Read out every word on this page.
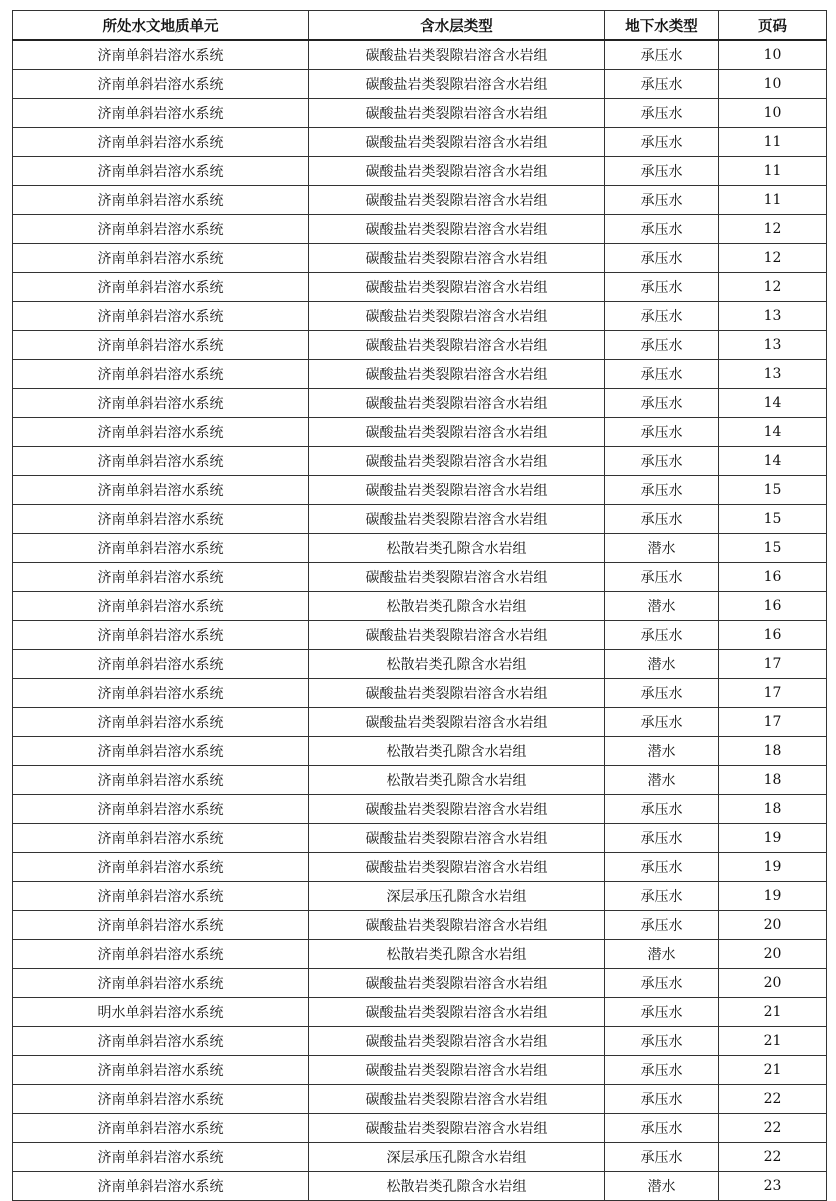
所处水文地质单元	含水层类型	地下水类型	页码
济南单斜岩溶水系统	碳酸盐岩类裂隙岩溶含水岩组	承压水	10
济南单斜岩溶水系统	碳酸盐岩类裂隙岩溶含水岩组	承压水	10
济南单斜岩溶水系统	碳酸盐岩类裂隙岩溶含水岩组	承压水	10
济南单斜岩溶水系统	碳酸盐岩类裂隙岩溶含水岩组	承压水	11
济南单斜岩溶水系统	碳酸盐岩类裂隙岩溶含水岩组	承压水	11
济南单斜岩溶水系统	碳酸盐岩类裂隙岩溶含水岩组	承压水	11
济南单斜岩溶水系统	碳酸盐岩类裂隙岩溶含水岩组	承压水	12
济南单斜岩溶水系统	碳酸盐岩类裂隙岩溶含水岩组	承压水	12
济南单斜岩溶水系统	碳酸盐岩类裂隙岩溶含水岩组	承压水	12
济南单斜岩溶水系统	碳酸盐岩类裂隙岩溶含水岩组	承压水	13
济南单斜岩溶水系统	碳酸盐岩类裂隙岩溶含水岩组	承压水	13
济南单斜岩溶水系统	碳酸盐岩类裂隙岩溶含水岩组	承压水	13
济南单斜岩溶水系统	碳酸盐岩类裂隙岩溶含水岩组	承压水	14
济南单斜岩溶水系统	碳酸盐岩类裂隙岩溶含水岩组	承压水	14
济南单斜岩溶水系统	碳酸盐岩类裂隙岩溶含水岩组	承压水	14
济南单斜岩溶水系统	碳酸盐岩类裂隙岩溶含水岩组	承压水	15
济南单斜岩溶水系统	碳酸盐岩类裂隙岩溶含水岩组	承压水	15
济南单斜岩溶水系统	松散岩类孔隙含水岩组	潜水	15
济南单斜岩溶水系统	碳酸盐岩类裂隙岩溶含水岩组	承压水	16
济南单斜岩溶水系统	松散岩类孔隙含水岩组	潜水	16
济南单斜岩溶水系统	碳酸盐岩类裂隙岩溶含水岩组	承压水	16
济南单斜岩溶水系统	松散岩类孔隙含水岩组	潜水	17
济南单斜岩溶水系统	碳酸盐岩类裂隙岩溶含水岩组	承压水	17
济南单斜岩溶水系统	碳酸盐岩类裂隙岩溶含水岩组	承压水	17
济南单斜岩溶水系统	松散岩类孔隙含水岩组	潜水	18
济南单斜岩溶水系统	松散岩类孔隙含水岩组	潜水	18
济南单斜岩溶水系统	碳酸盐岩类裂隙岩溶含水岩组	承压水	18
济南单斜岩溶水系统	碳酸盐岩类裂隙岩溶含水岩组	承压水	19
济南单斜岩溶水系统	碳酸盐岩类裂隙岩溶含水岩组	承压水	19
济南单斜岩溶水系统	深层承压孔隙含水岩组	承压水	19
济南单斜岩溶水系统	碳酸盐岩类裂隙岩溶含水岩组	承压水	20
济南单斜岩溶水系统	松散岩类孔隙含水岩组	潜水	20
济南单斜岩溶水系统	碳酸盐岩类裂隙岩溶含水岩组	承压水	20
明水单斜岩溶水系统	碳酸盐岩类裂隙岩溶含水岩组	承压水	21
济南单斜岩溶水系统	碳酸盐岩类裂隙岩溶含水岩组	承压水	21
济南单斜岩溶水系统	碳酸盐岩类裂隙岩溶含水岩组	承压水	21
济南单斜岩溶水系统	碳酸盐岩类裂隙岩溶含水岩组	承压水	22
济南单斜岩溶水系统	碳酸盐岩类裂隙岩溶含水岩组	承压水	22
济南单斜岩溶水系统	深层承压孔隙含水岩组	承压水	22
济南单斜岩溶水系统	松散岩类孔隙含水岩组	潜水	23
